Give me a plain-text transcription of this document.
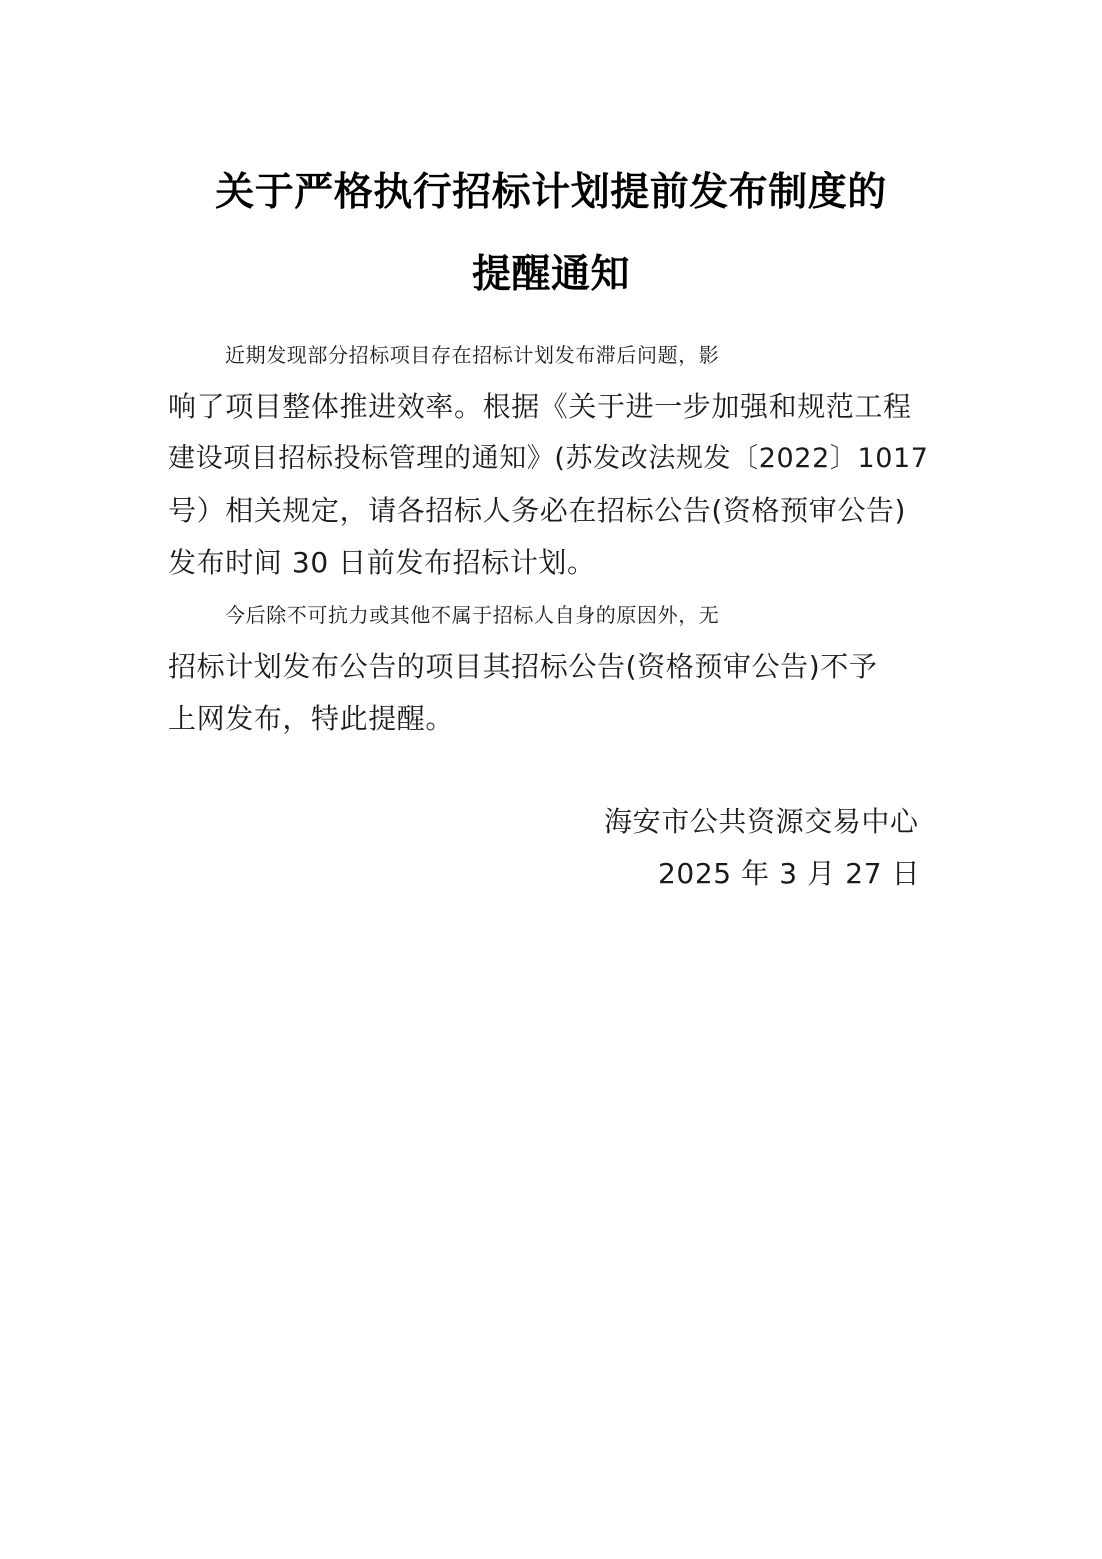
关于严格执行招标计划提前发布制度的
提醒通知
近期发现部分招标项目存在招标计划发布滞后问题，影
响了项目整体推进效率。根据《关于进一步加强和规范工程
建设项目招标投标管理的通知》(苏发改法规发〔2022〕1017
号）相关规定，请各招标人务必在招标公告(资格预审公告)
发布时间 30 日前发布招标计划。
今后除不可抗力或其他不属于招标人自身的原因外，无
招标计划发布公告的项目其招标公告(资格预审公告)不予
上网发布，特此提醒。
海安市公共资源交易中心
2025 年 3 月 27 日
